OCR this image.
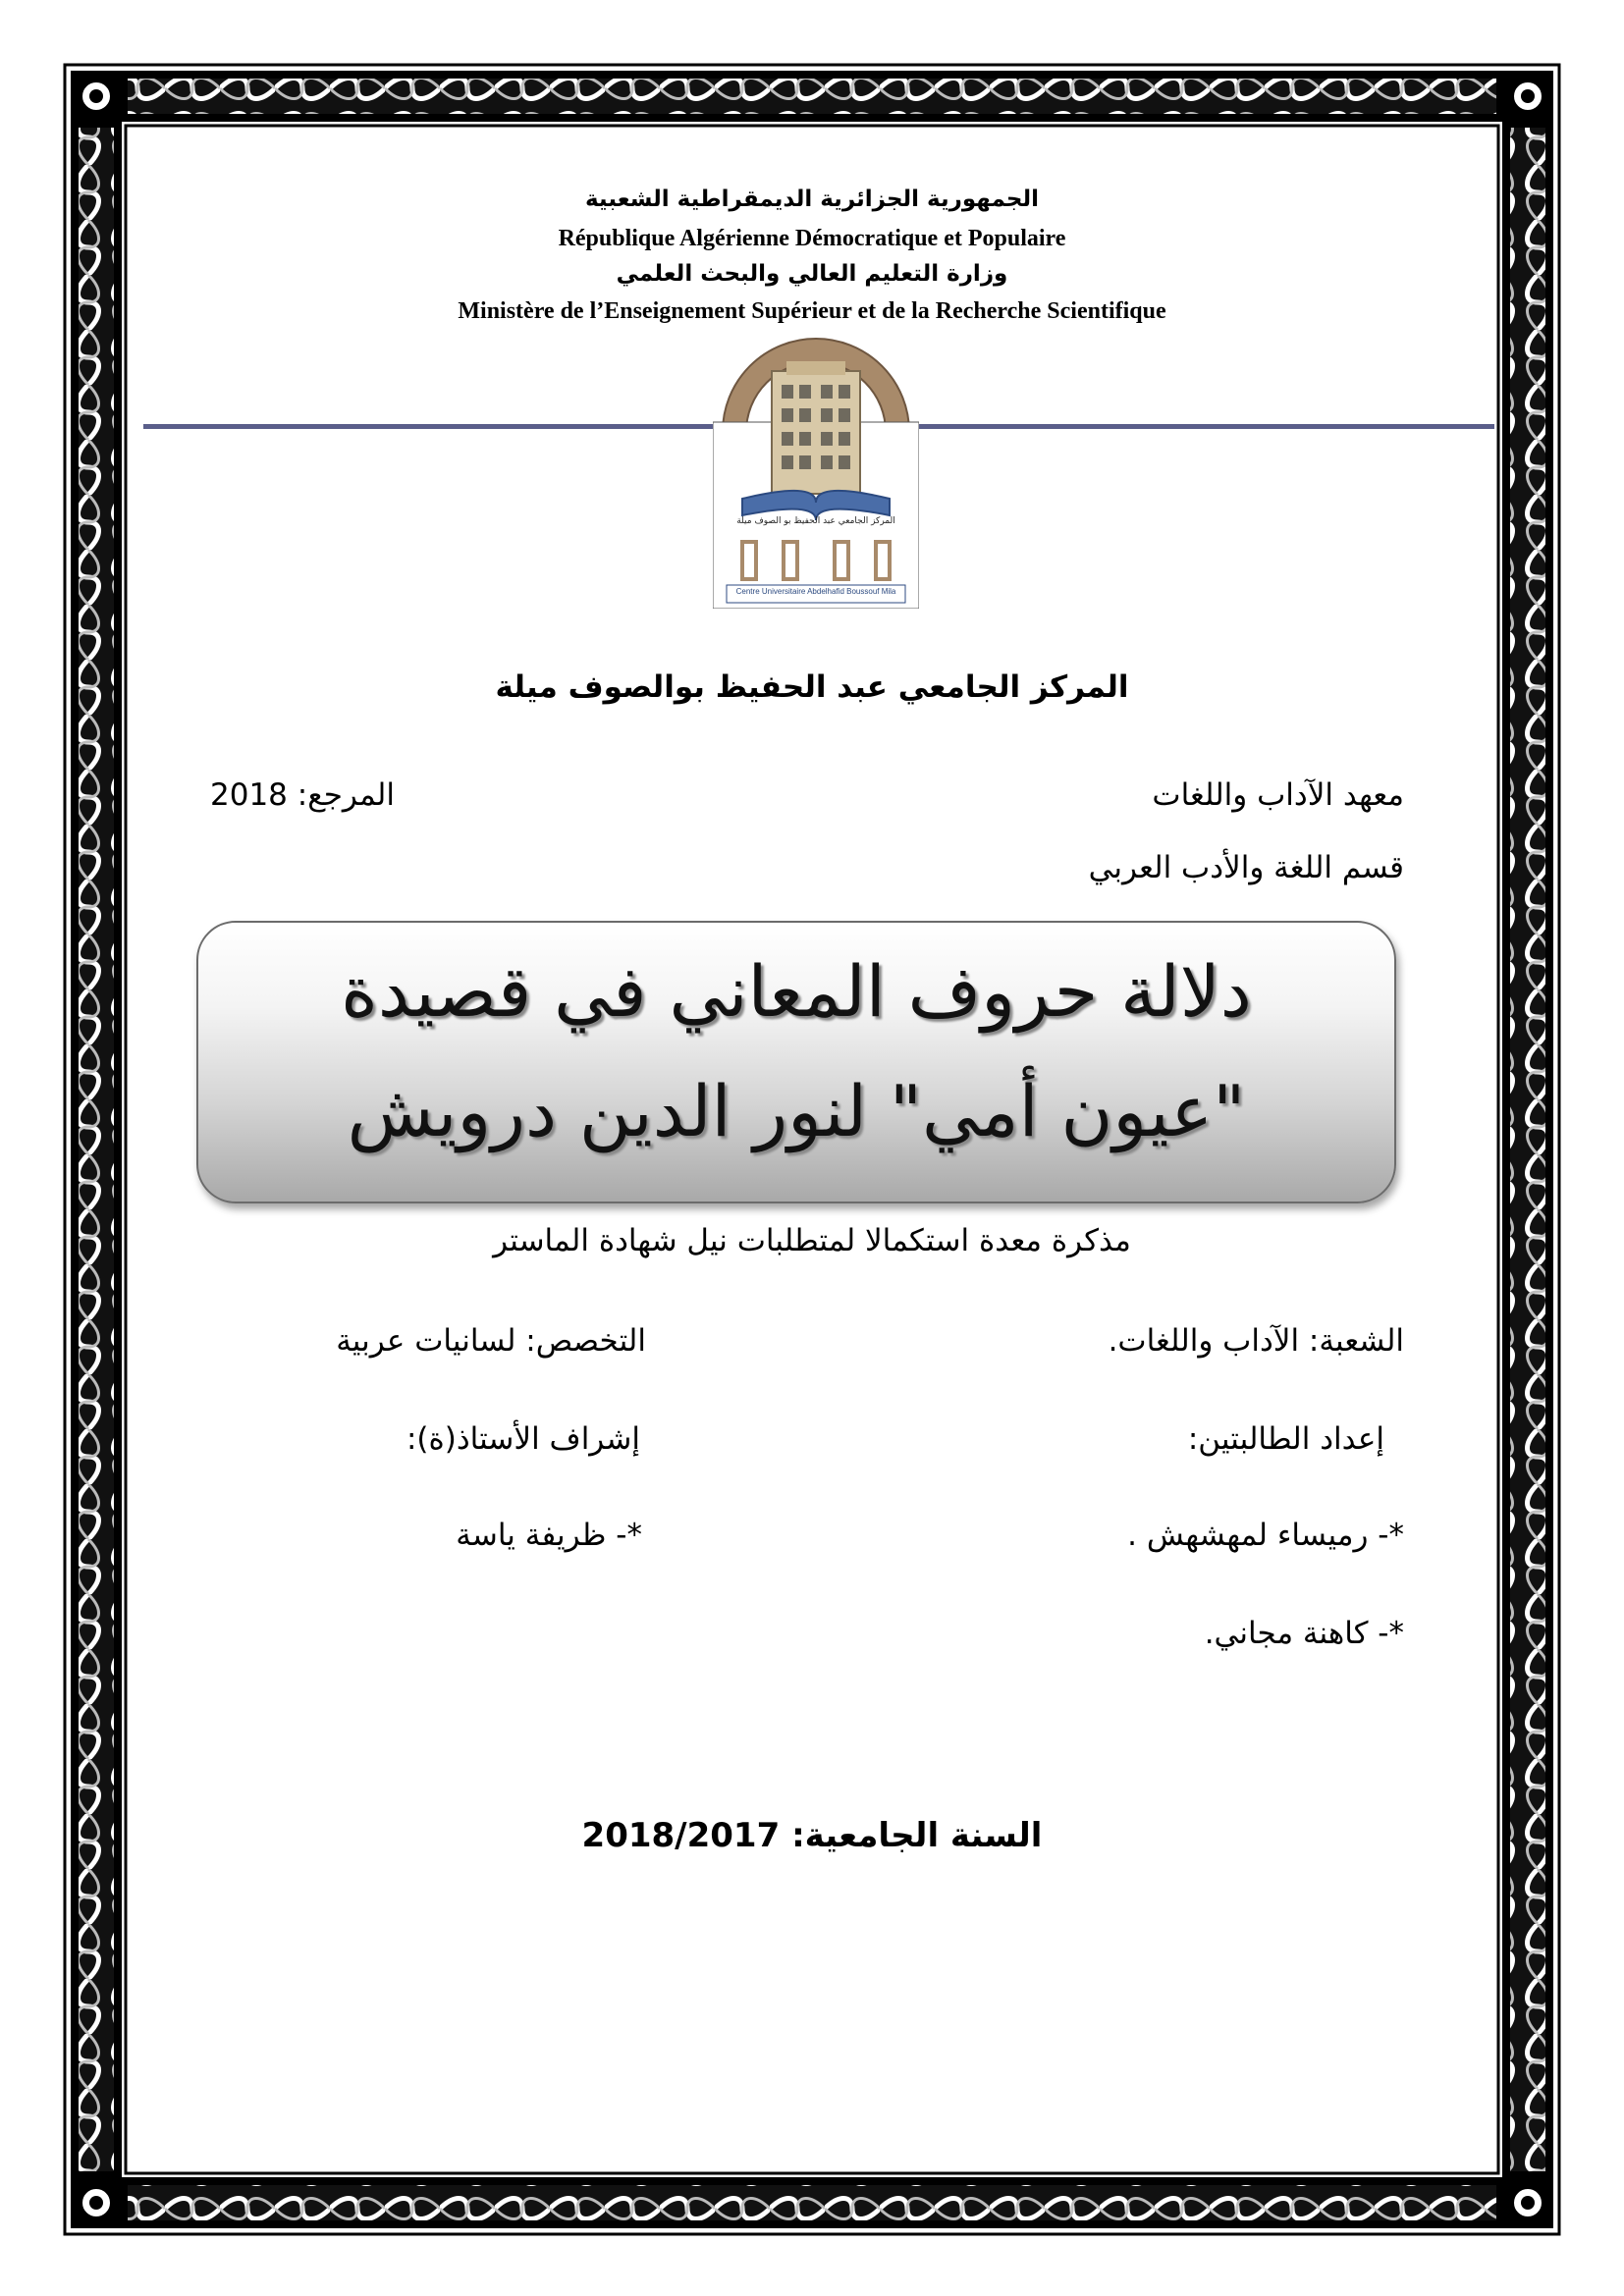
الجمهورية الجزائرية الديمقراطية الشعبية
République Algérienne Démocratique et Populaire
وزارة التعليم العالي والبحث العلمي
Ministère de l’Enseignement Supérieur et de la Recherche Scientifique
المركز الجامعي عبد الحفيظ بو الصوف ميلة
Centre Universitaire Abdelhafid Boussouf Mila
المركز الجامعي عبد الحفيظ بوالصوف ميلة
معهد الآداب واللغات
المرجع: 2018
قسم اللغة والأدب العربي
دلالة حروف المعاني في قصيدة
"عيون أمي" لنور الدين درويش
مذكرة معدة استكمالا لمتطلبات نيل شهادة الماستر
الشعبة: الآداب واللغات.
التخصص: لسانيات عربية
إعداد الطالبتين:
إشراف الأستاذ(ة):
*- رميساء لمهشهش .
*- ظريفة ياسة
*- كاهنة مجاني.
السنة الجامعية: 2018/2017
